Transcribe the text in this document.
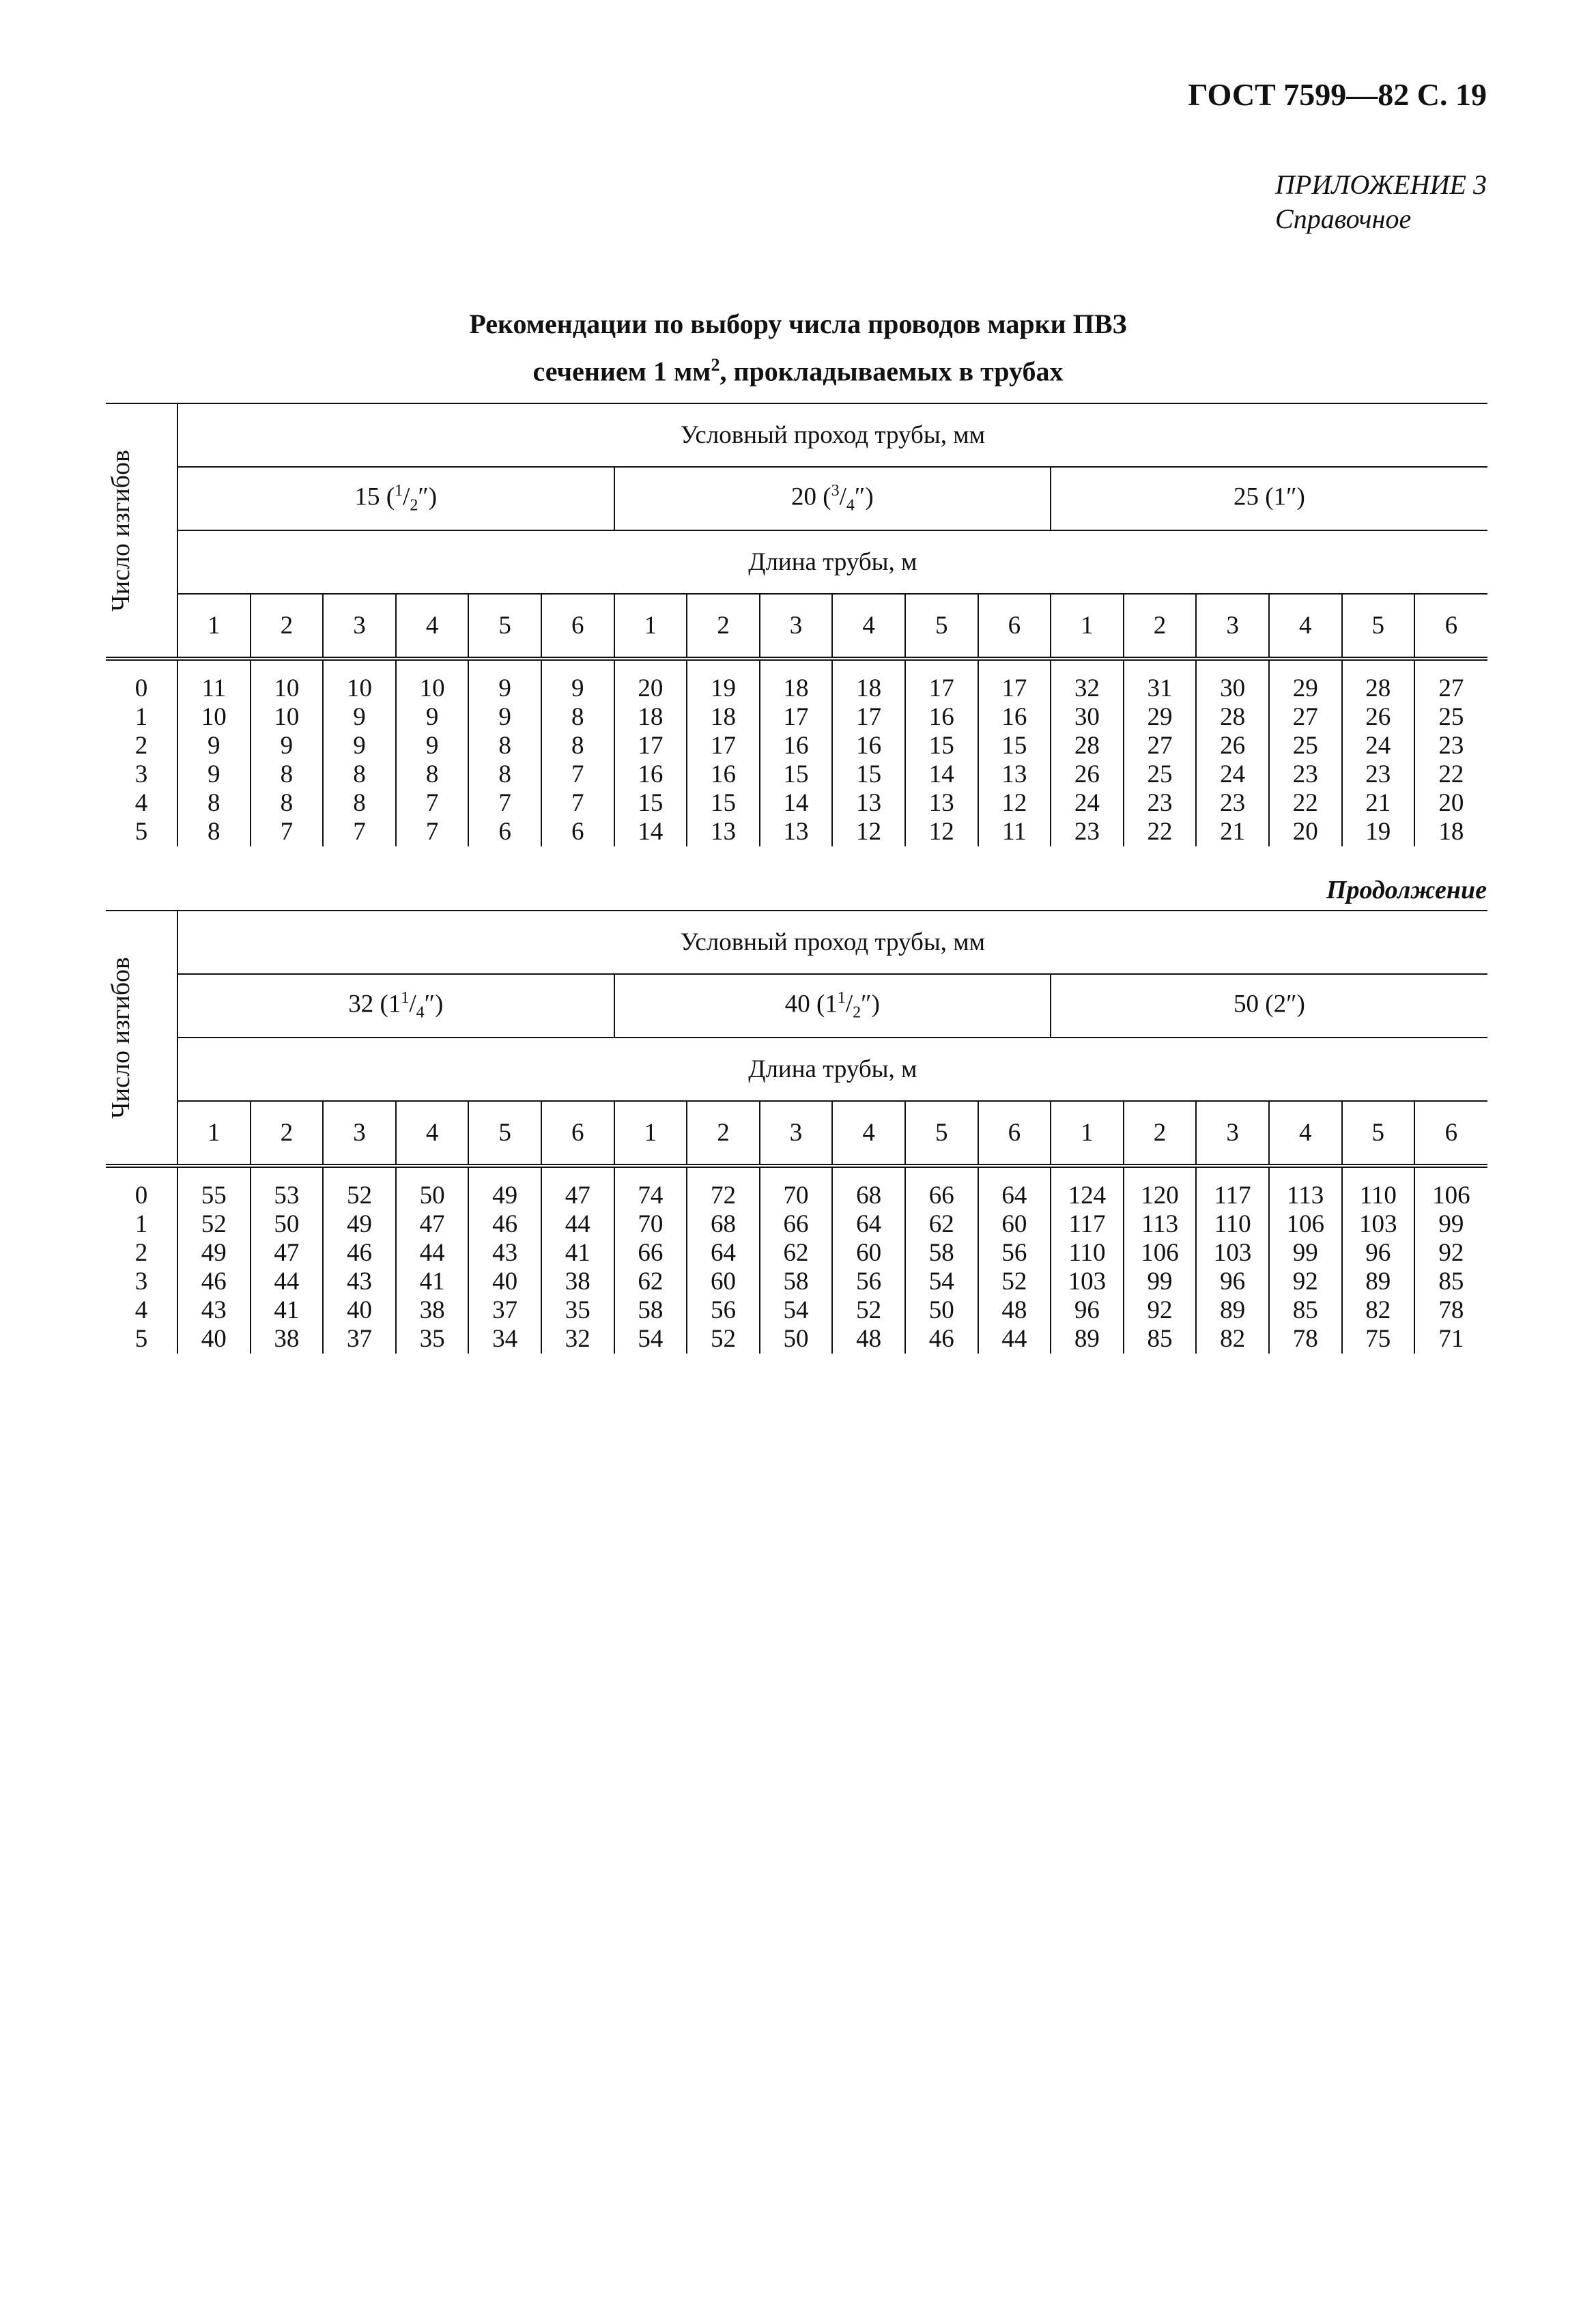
ГОСТ 7599—82 С. 19
ПРИЛОЖЕНИЕ 3
Справочное
Рекомендации по выбору числа проводов марки ПВЗ
сечением 1 $мм^2$, прокладываемых в трубах
Число изгибов	Условный проход трубы, мм																	
	15 $(^1/_2'')$						20 $(^3/_4'')$						25 (1″)					
	Длина трубы, м																	
	1	2	3	4	5	6	1	2	3	4	5	6	1	2	3	4	5	6
0	11	10	10	10	9	9	20	19	18	18	17	17	32	31	30	29	28	27
1	10	10	9	9	9	8	18	18	17	17	16	16	30	29	28	27	26	25
2	9	9	9	9	8	8	17	17	16	16	15	15	28	27	26	25	24	23
3	9	8	8	8	8	7	16	16	15	15	14	13	26	25	24	23	23	22
4	8	8	8	7	7	7	15	15	14	13	13	12	24	23	23	22	21	20
5	8	7	7	7	6	6	14	13	13	12	12	11	23	22	21	20	19	18
Продолжение
Число изгибов	Условный проход трубы, мм																	
	32 $(1^1/_4'')$						40 $(1^1/_2'')$						50 (2″)					
	Длина трубы, м																	
	1	2	3	4	5	6	1	2	3	4	5	6	1	2	3	4	5	6
0	55	53	52	50	49	47	74	72	70	68	66	64	124	120	117	113	110	106
1	52	50	49	47	46	44	70	68	66	64	62	60	117	113	110	106	103	99
2	49	47	46	44	43	41	66	64	62	60	58	56	110	106	103	99	96	92
3	46	44	43	41	40	38	62	60	58	56	54	52	103	99	96	92	89	85
4	43	41	40	38	37	35	58	56	54	52	50	48	96	92	89	85	82	78
5	40	38	37	35	34	32	54	52	50	48	46	44	89	85	82	78	75	71
